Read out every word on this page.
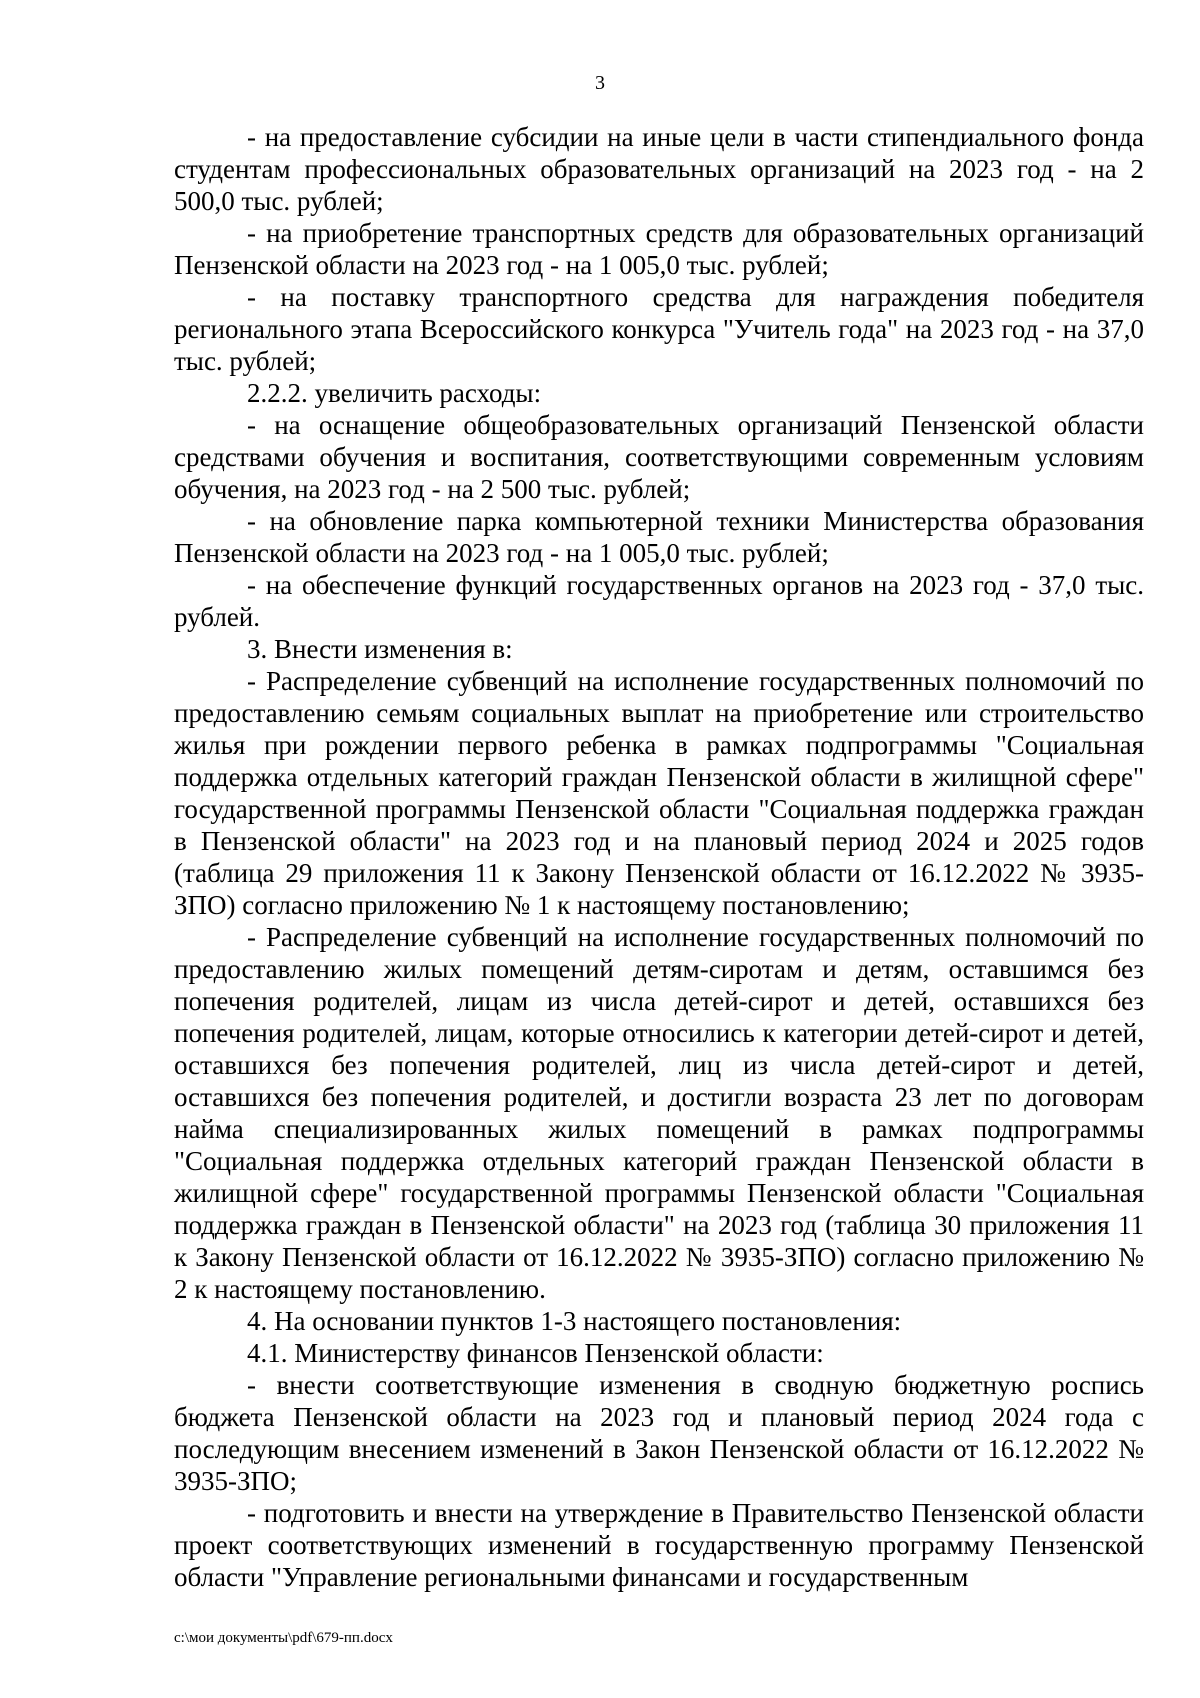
3

- на предоставление субсидии на иные цели в части стипендиального фонда студентам профессиональных образовательных организаций на 2023 год - на 2 500,0 тыс. рублей;

- на приобретение транспортных средств для образовательных организаций Пензенской области на 2023 год - на 1 005,0 тыс. рублей;

- на поставку транспортного средства для награждения победителя регионального этапа Всероссийского конкурса "Учитель года" на 2023 год - на 37,0 тыс. рублей;

2.2.2. увеличить расходы:

- на оснащение общеобразовательных организаций Пензенской области средствами обучения и воспитания, соответствующими современным условиям обучения, на 2023 год - на 2 500 тыс. рублей;

- на обновление парка компьютерной техники Министерства образования Пензенской области на 2023 год - на 1 005,0 тыс. рублей;

- на обеспечение функций государственных органов на 2023 год - 37,0 тыс. рублей.

3. Внести изменения в:

- Распределение субвенций на исполнение государственных полномочий по предоставлению семьям социальных выплат на приобретение или строительство жилья при рождении первого ребенка в рамках подпрограммы "Социальная поддержка отдельных категорий граждан Пензенской области в жилищной сфере" государственной программы Пензенской области "Социальная поддержка граждан в Пензенской области" на 2023 год и на плановый период 2024 и 2025 годов (таблица 29 приложения 11 к Закону Пензенской области от 16.12.2022 № 3935-ЗПО) согласно приложению № 1 к настоящему постановлению;

- Распределение субвенций на исполнение государственных полномочий по предоставлению жилых помещений детям-сиротам и детям, оставшимся без попечения родителей, лицам из числа детей-сирот и детей, оставшихся без попечения родителей, лицам, которые относились к категории детей-сирот и детей, оставшихся без попечения родителей, лиц из числа детей-сирот и детей, оставшихся без попечения родителей, и достигли возраста 23 лет по договорам найма специализированных жилых помещений в рамках подпрограммы "Социальная поддержка отдельных категорий граждан Пензенской области в жилищной сфере" государственной программы Пензенской области "Социальная поддержка граждан в Пензенской области" на 2023 год (таблица 30 приложения 11 к Закону Пензенской области от 16.12.2022 № 3935-ЗПО) согласно приложению № 2 к настоящему постановлению.

4. На основании пунктов 1-3 настоящего постановления:

4.1. Министерству финансов Пензенской области:

- внести соответствующие изменения в сводную бюджетную роспись бюджета Пензенской области на 2023 год и плановый период 2024 года с последующим внесением изменений в Закон Пензенской области от 16.12.2022 № 3935-ЗПО;

- подготовить и внести на утверждение в Правительство Пензенской области проект соответствующих изменений в государственную программу Пензенской области "Управление региональными финансами и государственным

c:\мои документы\pdf\679-пп.docx
